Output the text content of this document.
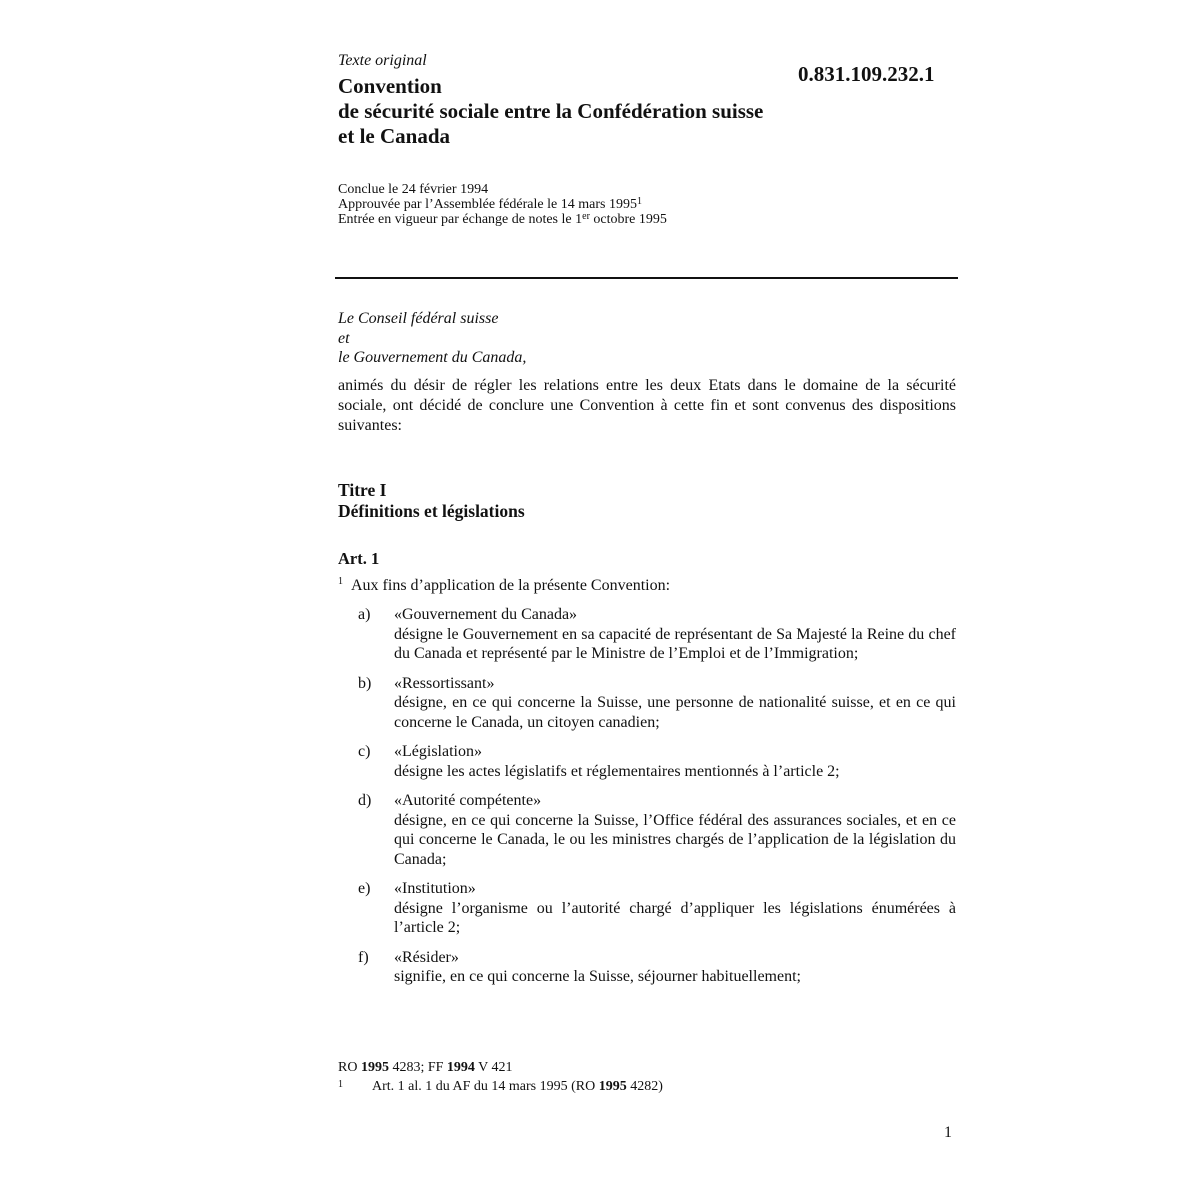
Texte original
0.831.109.232.1
Convention
de sécurité sociale entre la Confédération suisse
et le Canada
Conclue le 24 février 1994
Approuvée par l’Assemblée fédérale le 14 mars 1995$^1$
Entrée en vigueur par échange de notes le 1er octobre 1995
Le Conseil fédéral suisse
et
le Gouvernement du Canada,
animés du désir de régler les relations entre les deux Etats dans le domaine de la sécurité sociale, ont décidé de conclure une Convention à cette fin et sont convenus des dispositions suivantes:
Titre I
Définitions et législations
Art. 1
$^1$ Aux fins d’application de la présente Convention:
a)	«Gouvernement du Canada»
désigne le Gouvernement en sa capacité de représentant de Sa Majesté la Reine du chef du Canada et représenté par le Ministre de l’Emploi et de l’Immigration;
b)	«Ressortissant»
désigne, en ce qui concerne la Suisse, une personne de nationalité suisse, et en ce qui concerne le Canada, un citoyen canadien;
c)	«Législation»
désigne les actes législatifs et réglementaires mentionnés à l’article 2;
d)	«Autorité compétente»
désigne, en ce qui concerne la Suisse, l’Office fédéral des assurances sociales, et en ce qui concerne le Canada, le ou les ministres chargés de l’application de la législation du Canada;
e)	«Institution»
désigne l’organisme ou l’autorité chargé d’appliquer les législations énumérées à l’article 2;
f)	«Résider»
signifie, en ce qui concerne la Suisse, séjourner habituellement;
RO 1995 4283; FF 1994 V 421
1	Art. 1 al. 1 du AF du 14 mars 1995 (RO 1995 4282)
1
